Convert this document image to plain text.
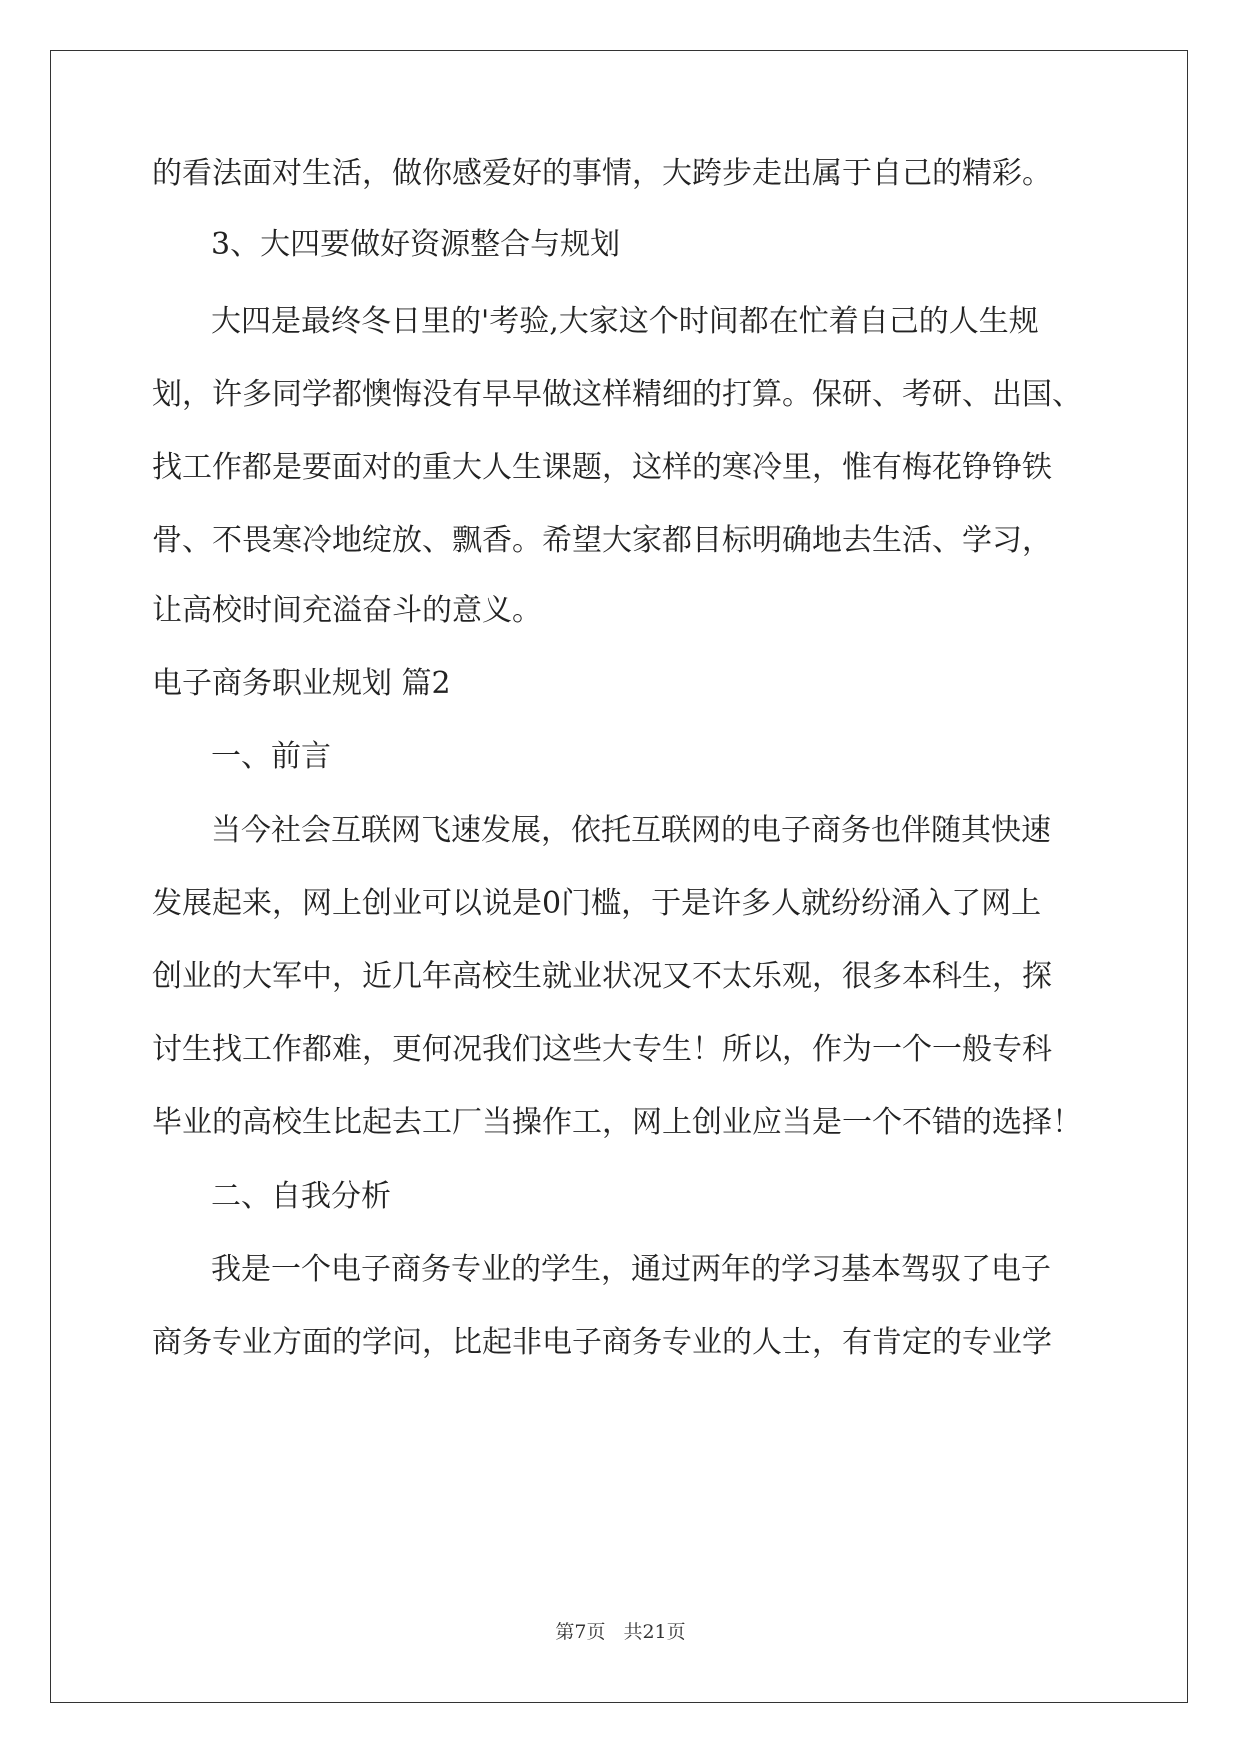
的看法面对生活，做你感爱好的事情，大跨步走出属于自己的精彩。
3、大四要做好资源整合与规划
大四是最终冬日里的'考验,大家这个时间都在忙着自己的人生规
划，许多同学都懊悔没有早早做这样精细的打算。保研、考研、出国、
找工作都是要面对的重大人生课题，这样的寒冷里，惟有梅花铮铮铁
骨、不畏寒冷地绽放、飘香。希望大家都目标明确地去生活、学习，
让高校时间充溢奋斗的意义。
电子商务职业规划 篇2
一、前言
当今社会互联网飞速发展，依托互联网的电子商务也伴随其快速
发展起来，网上创业可以说是0门槛，于是许多人就纷纷涌入了网上
创业的大军中，近几年高校生就业状况又不太乐观，很多本科生，探
讨生找工作都难，更何况我们这些大专生！所以，作为一个一般专科
毕业的高校生比起去工厂当操作工，网上创业应当是一个不错的选择！
二、自我分析
我是一个电子商务专业的学生，通过两年的学习基本驾驭了电子
商务专业方面的学问，比起非电子商务专业的人士，有肯定的专业学
第7页 共21页
